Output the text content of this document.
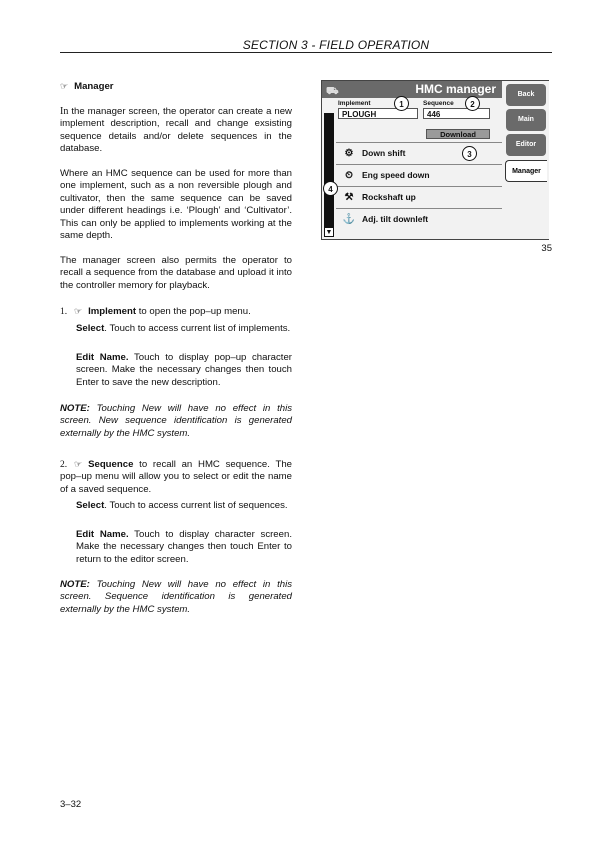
SECTION 3 - FIELD OPERATION

☞ Manager

In the manager screen, the operator can create a new implement description, recall and change exsisting sequence details and/or delete sequences in the database.

Where an HMC sequence can be used for more than one implement, such as a non reversible plough and cultivator, then the same sequence can be saved under different headings i.e. ‘Plough’ and ‘Cultivator’. This can only be applied to implements working at the same depth.

The manager screen also permits the operator to recall a sequence from the database and upload it into the controller memory for playback.

1. ☞ Implement to open the pop–up menu.

Select. Touch to access current list of implements.

Edit Name. Touch to display pop–up character screen. Make the necessary changes then touch Enter to save the new description.

NOTE: Touching New will have no effect in this screen. New sequence identification is generated externally by the HMC system.

2. ☞ Sequence to recall an HMC sequence. The pop–up menu will allow you to select or edit the name of a saved sequence.

Select. Touch to access current list of sequences.

Edit Name. Touch to display character screen. Make the necessary changes then touch Enter to return to the editor screen.

NOTE: Touching New will have no effect in this screen. Sequence identification is generated externally by the HMC system.

⛟	HMC manager
Implement
PLOUGH
Sequence
446
Download
▼
⚙ Down shift
⏲ Eng speed down
⚒ Rockshaft up
⚓ Adj. tilt downleft
Back
Main
Editor
Manager
1	2
3
4
35
3–32
